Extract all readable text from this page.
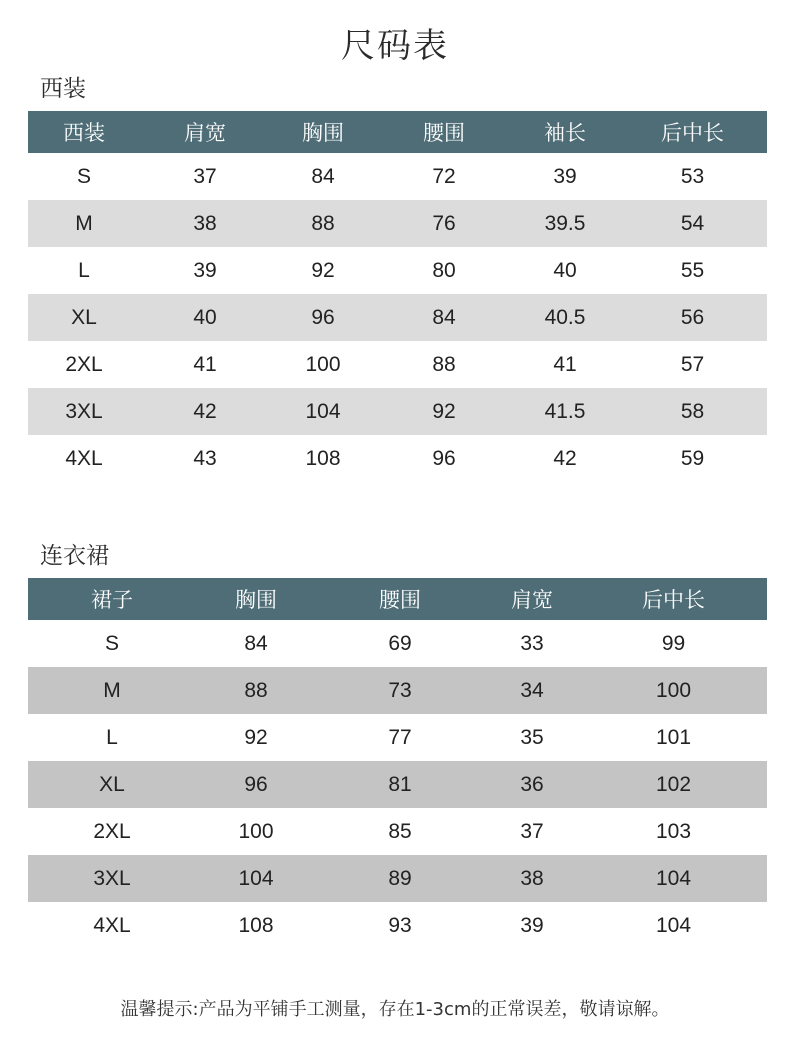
尺码表
西装
西装	肩宽	胸围	腰围	袖长	后中长
S	37	84	72	39	53
M	38	88	76	39.5	54
L	39	92	80	40	55
XL	40	96	84	40.5	56
2XL	41	100	88	41	57
3XL	42	104	92	41.5	58
4XL	43	108	96	42	59
连衣裙
裙子	胸围	腰围	肩宽	后中长
S	84	69	33	99
M	88	73	34	100
L	92	77	35	101
XL	96	81	36	102
2XL	100	85	37	103
3XL	104	89	38	104
4XL	108	93	39	104
温馨提示:产品为平铺手工测量，存在1-3cm的正常误差，敬请谅解。
